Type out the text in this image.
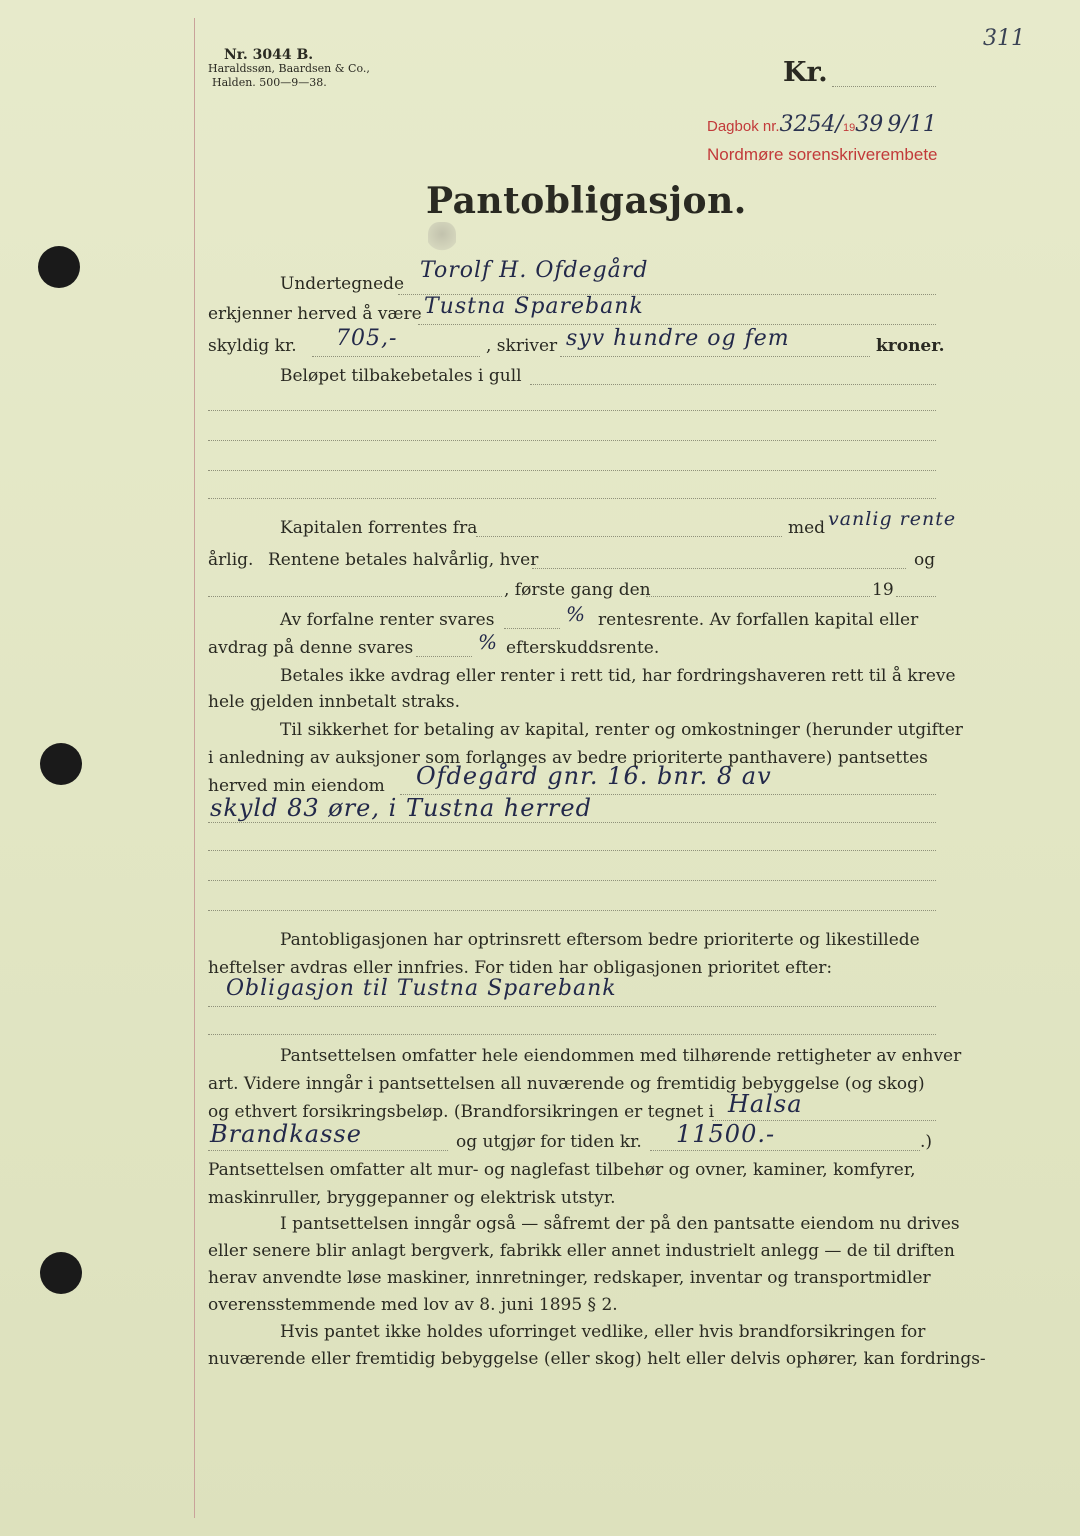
311
Nr. 3044 B.
Haraldssøn, Baardsen & Co.,
Halden. 500—9—38.	Kr.
Dagbok nr.3254/1939 9/11
Nordmøre sorenskriverembete
Pantobligasjon.
Undertegnede
Torolf H. Ofdegård
erkjenner herved å være Tustna Sparebank
skyldig kr. 705,-	, skriver syv hundre og fem	kroner.
Beløpet tilbakebetales i gull
Kapitalen forrentes fra	med vanlig rente
årlig. Rentene betales halvårlig, hver	og
, første gang den	19
Av forfalne renter svares	% rentesrente. Av forfallen kapital eller
avdrag på denne svares	% efterskuddsrente.
Betales ikke avdrag eller renter i rett tid, har fordringshaveren rett til å kreve
hele gjelden innbetalt straks.
Til sikkerhet for betaling av kapital, renter og omkostninger (herunder utgifter
i anledning av auksjoner som forlanges av bedre prioriterte panthavere) pantsettes
herved min eiendom Ofdegård gnr. 16. bnr. 8 av
skyld 83 øre, i Tustna herred
Pantobligasjonen har optrinsrett eftersom bedre prioriterte og likestillede
heftelser avdras eller innfries. For tiden har obligasjonen prioritet efter:
Obligasjon til Tustna Sparebank
Pantsettelsen omfatter hele eiendommen med tilhørende rettigheter av enhver
art. Videre inngår i pantsettelsen all nuværende og fremtidig bebyggelse (og skog)
og ethvert forsikringsbeløp. (Brandforsikringen er tegnet i Halsa
Brandkasse	og utgjør for tiden kr. 11500.-	.)
Pantsettelsen omfatter alt mur- og naglefast tilbehør og ovner, kaminer, komfyrer,
maskinruller, bryggepanner og elektrisk utstyr.
I pantsettelsen inngår også — såfremt der på den pantsatte eiendom nu drives
eller senere blir anlagt bergverk, fabrikk eller annet industrielt anlegg — de til driften
herav anvendte løse maskiner, innretninger, redskaper, inventar og transportmidler
overensstemmende med lov av 8. juni 1895 § 2.
Hvis pantet ikke holdes uforringet vedlike, eller hvis brandforsikringen for
nuværende eller fremtidig bebyggelse (eller skog) helt eller delvis ophører, kan fordrings-
